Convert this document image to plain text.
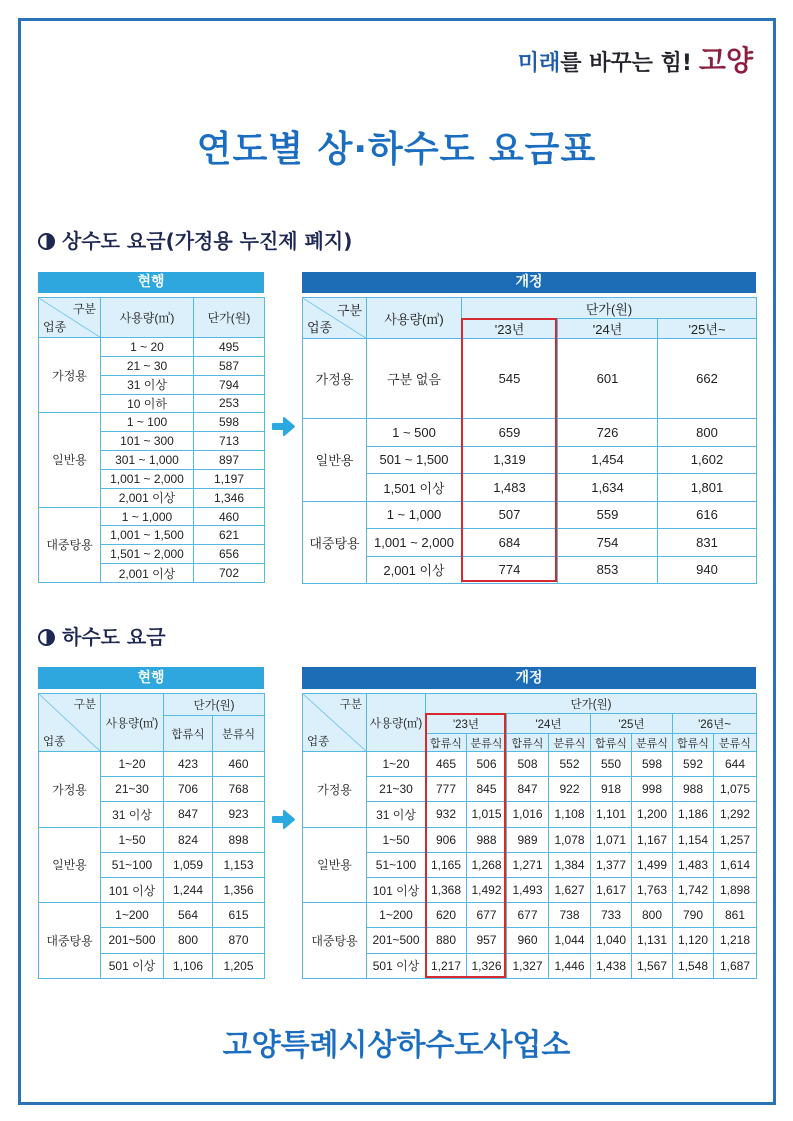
미래를 바꾸는 힘! 고양
연도별 상·하수도 요금표
상수도 요금(가정용 누진제 폐지)
현행	개정
구분
업종	사용량(㎥)	단가(원)
가정용	1 ~ 20	495
	21 ~ 30	587
	31 이상	794
	10 이하	253
일반용	1 ~ 100	598
	101 ~ 300	713
	301 ~ 1,000	897
	1,001 ~ 2,000	1,197
	2,001 이상	1,346
대중탕용	1 ~ 1,000	460
	1,001 ~ 1,500	621
	1,501 ~ 2,000	656
	2,001 이상	702
구분
업종	사용량(㎥)	단가(원)		
		'23년	'24년	'25년~
가정용	구분 없음	545	601	662
일반용	1 ~ 500	659	726	800
	501 ~ 1,500	1,319	1,454	1,602
	1,501 이상	1,483	1,634	1,801
대중탕용	1 ~ 1,000	507	559	616
	1,001 ~ 2,000	684	754	831
	2,001 이상	774	853	940
하수도 요금
현행	개정
구분
업종	사용량(㎥)	단가(원)	
		합류식	분류식
가정용	1~20	423	460
	21~30	706	768
	31 이상	847	923
일반용	1~50	824	898
	51~100	1,059	1,153
	101 이상	1,244	1,356
대중탕용	1~200	564	615
	201~500	800	870
	501 이상	1,106	1,205
구분
업종	사용량(㎥)	단가(원)							
		'23년		'24년		'25년		'26년~	
		합류식	분류식	합류식	분류식	합류식	분류식	합류식	분류식
가정용	1~20	465	506	508	552	550	598	592	644
	21~30	777	845	847	922	918	998	988	1,075
	31 이상	932	1,015	1,016	1,108	1,101	1,200	1,186	1,292
일반용	1~50	906	988	989	1,078	1,071	1,167	1,154	1,257
	51~100	1,165	1,268	1,271	1,384	1,377	1,499	1,483	1,614
	101 이상	1,368	1,492	1,493	1,627	1,617	1,763	1,742	1,898
대중탕용	1~200	620	677	677	738	733	800	790	861
	201~500	880	957	960	1,044	1,040	1,131	1,120	1,218
	501 이상	1,217	1,326	1,327	1,446	1,438	1,567	1,548	1,687
고양특례시상하수도사업소
